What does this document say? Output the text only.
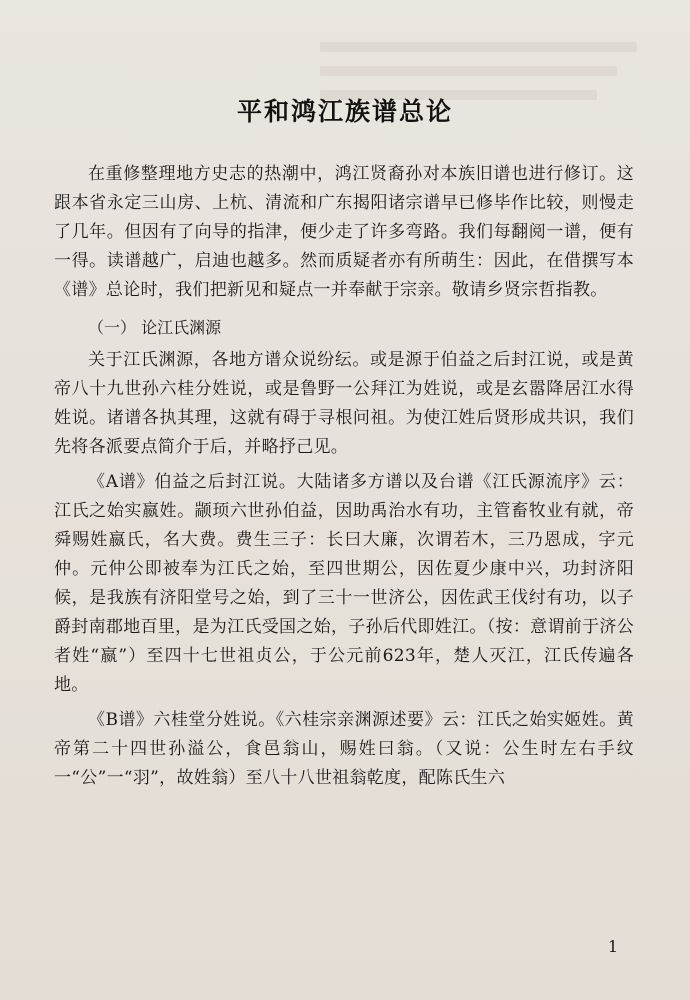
平和鸿江族谱总论

在重修整理地方史志的热潮中，鸿江贤裔孙对本族旧谱也进行修订。这跟本省永定三山房、上杭、清流和广东揭阳诸宗谱早已修毕作比较，则慢走了几年。但因有了向导的指津，便少走了许多弯路。我们每翻阅一谱，便有一得。读谱越广，启迪也越多。然而质疑者亦有所萌生：因此，在借撰写本《谱》总论时，我们把新见和疑点一并奉献于宗亲。敬请乡贤宗哲指教。

（一） 论江氏渊源

关于江氏渊源，各地方谱众说纷纭。或是源于伯益之后封江说，或是黄帝八十九世孙六桂分姓说，或是鲁野一公拜江为姓说，或是玄嚣降居江水得姓说。诸谱各执其理，这就有碍于寻根问祖。为使江姓后贤形成共识，我们先将各派要点简介于后，并略抒己见。

《A谱》伯益之后封江说。大陆诸多方谱以及台谱《江氏源流序》云：江氏之始实嬴姓。颛顼六世孙伯益，因助禹治水有功，主管畜牧业有就，帝舜赐姓嬴氏，名大费。费生三子：长曰大廉，次谓若木，三乃恩成，字元仲。元仲公即被奉为江氏之始，至四世期公，因佐夏少康中兴，功封济阳候，是我族有济阳堂号之始，到了三十一世济公，因佐武王伐纣有功，以子爵封南郡地百里，是为江氏受国之始，子孙后代即姓江。（按：意谓前于济公者姓“嬴”）至四十七世祖贞公，于公元前623年，楚人灭江，江氏传遍各地。

《B谱》六桂堂分姓说。《六桂宗亲渊源述要》云：江氏之始实姬姓。黄帝第二十四世孙溢公，食邑翁山，赐姓曰翁。（又说：公生时左右手纹一“公”一“羽”，故姓翁）至八十八世祖翁乾度，配陈氏生六

1
